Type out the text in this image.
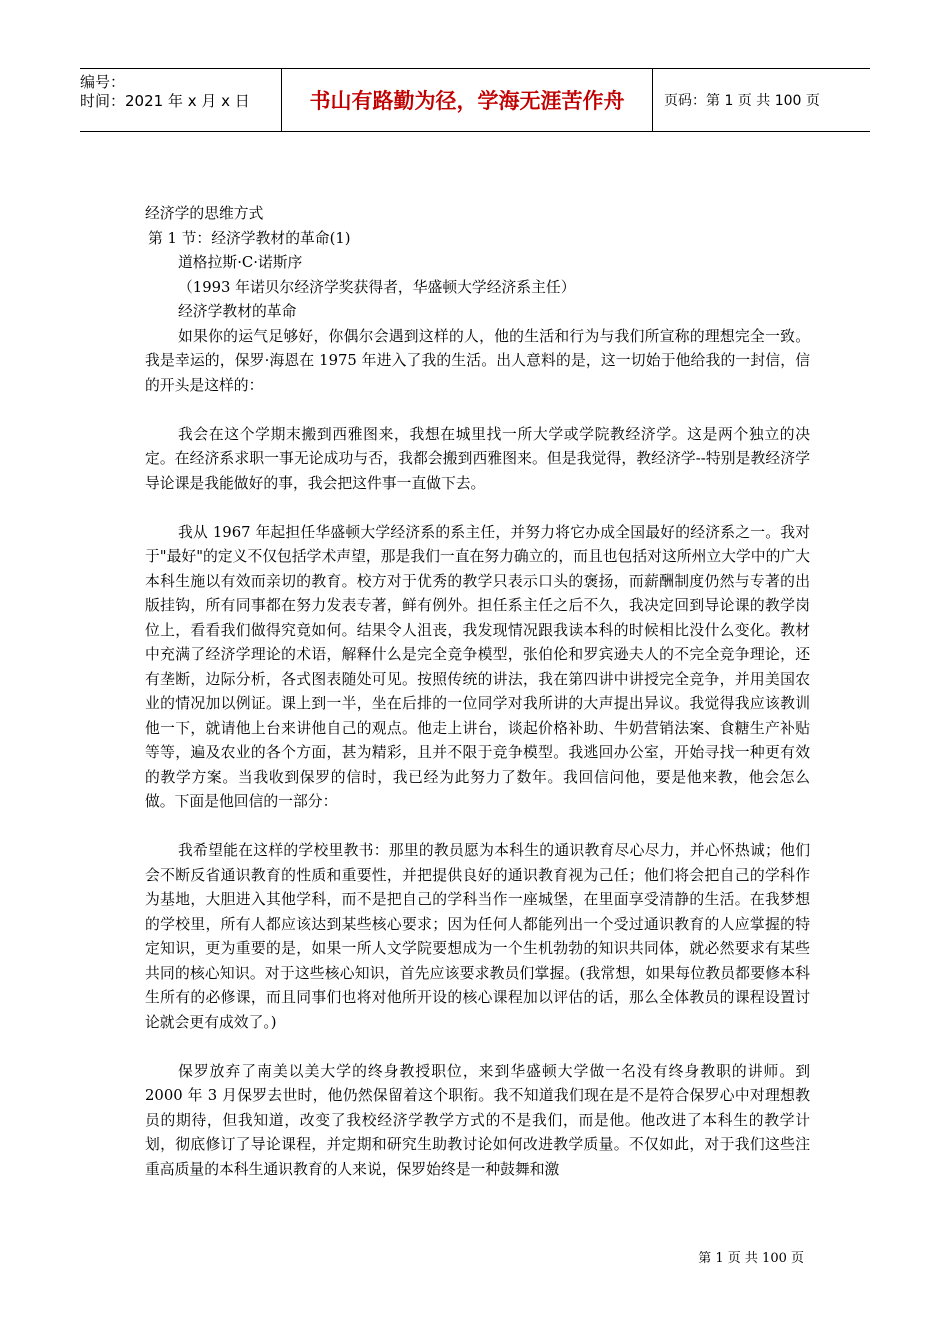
编号：
时间：2021 年 x 月 x 日	书山有路勤为径，学海无涯苦作舟	页码：第 1 页 共 100 页
经济学的思维方式
第 1 节：经济学教材的革命(1)
道格拉斯·C·诺斯序
（1993 年诺贝尔经济学奖获得者，华盛顿大学经济系主任）
经济学教材的革命

如果你的运气足够好，你偶尔会遇到这样的人，他的生活和行为与我们所宣称的理想完全一致。我是幸运的，保罗·海恩在 1975 年进入了我的生活。出人意料的是，这一切始于他给我的一封信，信的开头是这样的：

我会在这个学期末搬到西雅图来，我想在城里找一所大学或学院教经济学。这是两个独立的决定。在经济系求职一事无论成功与否，我都会搬到西雅图来。但是我觉得，教经济学--特别是教经济学导论课是我能做好的事，我会把这件事一直做下去。

我从 1967 年起担任华盛顿大学经济系的系主任，并努力将它办成全国最好的经济系之一。我对于"最好"的定义不仅包括学术声望，那是我们一直在努力确立的，而且也包括对这所州立大学中的广大本科生施以有效而亲切的教育。校方对于优秀的教学只表示口头的褒扬，而薪酬制度仍然与专著的出版挂钩，所有同事都在努力发表专著，鲜有例外。担任系主任之后不久，我决定回到导论课的教学岗位上，看看我们做得究竟如何。结果令人沮丧，我发现情况跟我读本科的时候相比没什么变化。教材中充满了经济学理论的术语，解释什么是完全竞争模型，张伯伦和罗宾逊夫人的不完全竞争理论，还有垄断，边际分析，各式图表随处可见。按照传统的讲法，我在第四讲中讲授完全竞争，并用美国农业的情况加以例证。课上到一半，坐在后排的一位同学对我所讲的大声提出异议。我觉得我应该教训他一下，就请他上台来讲他自己的观点。他走上讲台，谈起价格补助、牛奶营销法案、食糖生产补贴等等，遍及农业的各个方面，甚为精彩，且并不限于竞争模型。我逃回办公室，开始寻找一种更有效的教学方案。当我收到保罗的信时，我已经为此努力了数年。我回信问他，要是他来教，他会怎么做。下面是他回信的一部分：

我希望能在这样的学校里教书：那里的教员愿为本科生的通识教育尽心尽力，并心怀热诚；他们会不断反省通识教育的性质和重要性，并把提供良好的通识教育视为己任；他们将会把自己的学科作为基地，大胆进入其他学科，而不是把自己的学科当作一座城堡，在里面享受清静的生活。在我梦想的学校里，所有人都应该达到某些核心要求；因为任何人都能列出一个受过通识教育的人应掌握的特定知识，更为重要的是，如果一所人文学院要想成为一个生机勃勃的知识共同体，就必然要求有某些共同的核心知识。对于这些核心知识，首先应该要求教员们掌握。(我常想，如果每位教员都要修本科生所有的必修课，而且同事们也将对他所开设的核心课程加以评估的话，那么全体教员的课程设置讨论就会更有成效了。)

保罗放弃了南美以美大学的终身教授职位，来到华盛顿大学做一名没有终身教职的讲师。到 2000 年 3 月保罗去世时，他仍然保留着这个职衔。我不知道我们现在是不是符合保罗心中对理想教员的期待，但我知道，改变了我校经济学教学方式的不是我们，而是他。他改进了本科生的教学计划，彻底修订了导论课程，并定期和研究生助教讨论如何改进教学质量。不仅如此，对于我们这些注重高质量的本科生通识教育的人来说，保罗始终是一种鼓舞和激

第 1 页 共 100 页
